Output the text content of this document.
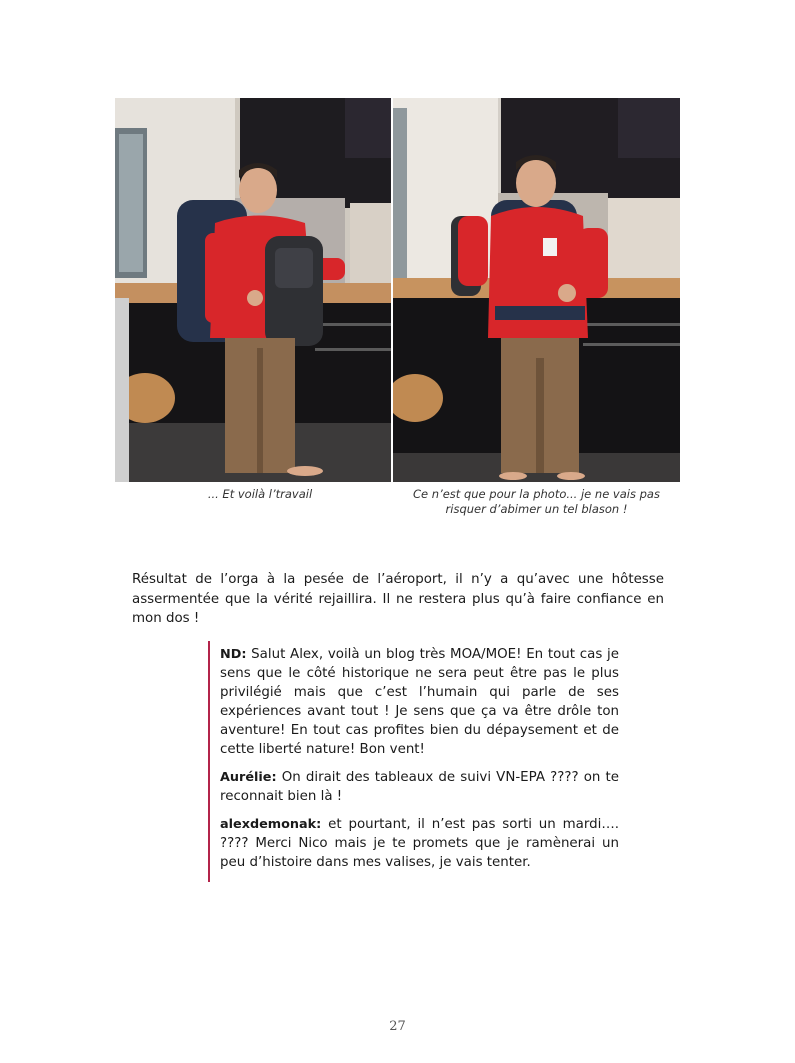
... Et voilà l’travail	Ce n’est que pour la photo... je ne vais pas risquer d’abimer un tel blason !
Résultat de l’orga à la pesée de l’aéroport, il n’y a qu’avec une hôtesse assermentée que la vérité rejaillira. Il ne restera plus qu’à faire confiance en mon dos !
ND: Salut Alex, voilà un blog très MOA/MOE! En tout cas je sens que le côté historique ne sera peut être pas le plus privilégié mais que c’est l’humain qui parle de ses expériences avant tout ! Je sens que ça va être drôle ton aventure! En tout cas profites bien du dépaysement et de cette liberté nature! Bon vent!
Aurélie: On dirait des tableaux de suivi VN-EPA ???? on te reconnait bien là !
alexdemonak: et pourtant, il n’est pas sorti un mardi…. ???? Merci Nico mais je te promets que je ramènerai un peu d’histoire dans mes valises, je vais tenter.
27
